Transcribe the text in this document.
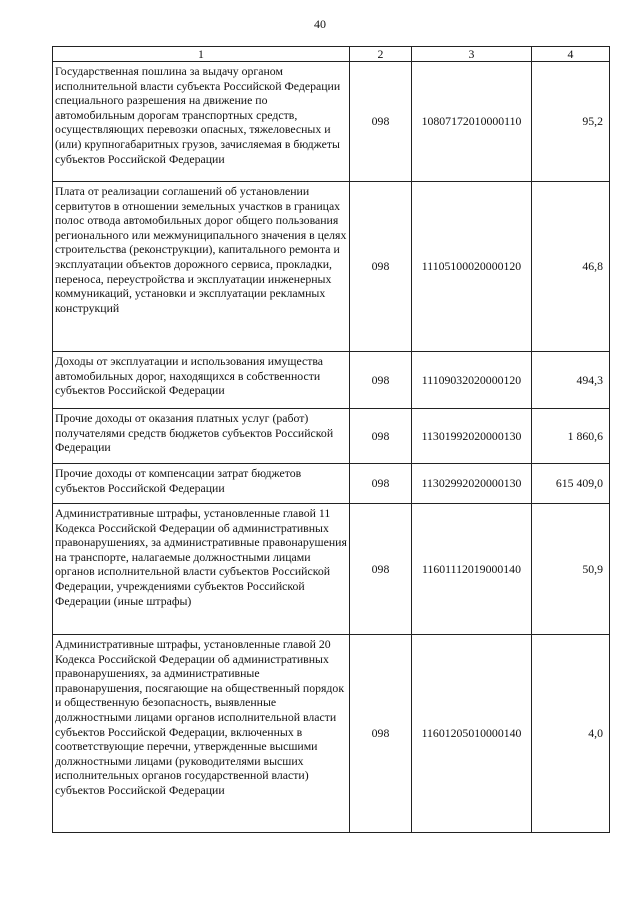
40
1	2	3	4
Государственная пошлина за выдачу органом исполнительной власти субъекта Российской Федерации специального разрешения на движение по автомобильным дорогам транспортных средств, осуществляющих перевозки опасных, тяжеловесных и (или) крупногабаритных грузов, зачисляемая в бюджеты субъектов Российской Федерации	098	10807172010000110	95,2
Плата от реализации соглашений об установлении сервитутов в отношении земельных участков в границах полос отвода автомобильных дорог общего пользования регионального или межмуниципального значения в целях строительства (реконструкции), капитального ремонта и эксплуатации объектов дорожного сервиса, прокладки, переноса, переустройства и эксплуатации инженерных коммуникаций, установки и эксплуатации рекламных конструкций	098	11105100020000120	46,8
Доходы от эксплуатации и использования имущества автомобильных дорог, находящихся в собственности субъектов Российской Федерации	098	11109032020000120	494,3
Прочие доходы от оказания платных услуг (работ) получателями средств бюджетов субъектов Российской Федерации	098	11301992020000130	1 860,6
Прочие доходы от компенсации затрат бюджетов субъектов Российской Федерации	098	11302992020000130	615 409,0
Административные штрафы, установленные главой 11 Кодекса Российской Федерации об административных правонарушениях, за административные правонарушения на транспорте, налагаемые должностными лицами органов исполнительной власти субъектов Российской Федерации, учреждениями субъектов Российской Федерации (иные штрафы)	098	11601112019000140	50,9
Административные штрафы, установленные главой 20 Кодекса Российской Федерации об административных правонарушениях, за административные правонарушения, посягающие на общественный порядок и общественную безопасность, выявленные должностными лицами органов исполнительной власти субъектов Российской Федерации, включенных в соответствующие перечни, утвержденные высшими должностными лицами (руководителями высших исполнительных органов государственной власти) субъектов Российской Федерации	098	11601205010000140	4,0
